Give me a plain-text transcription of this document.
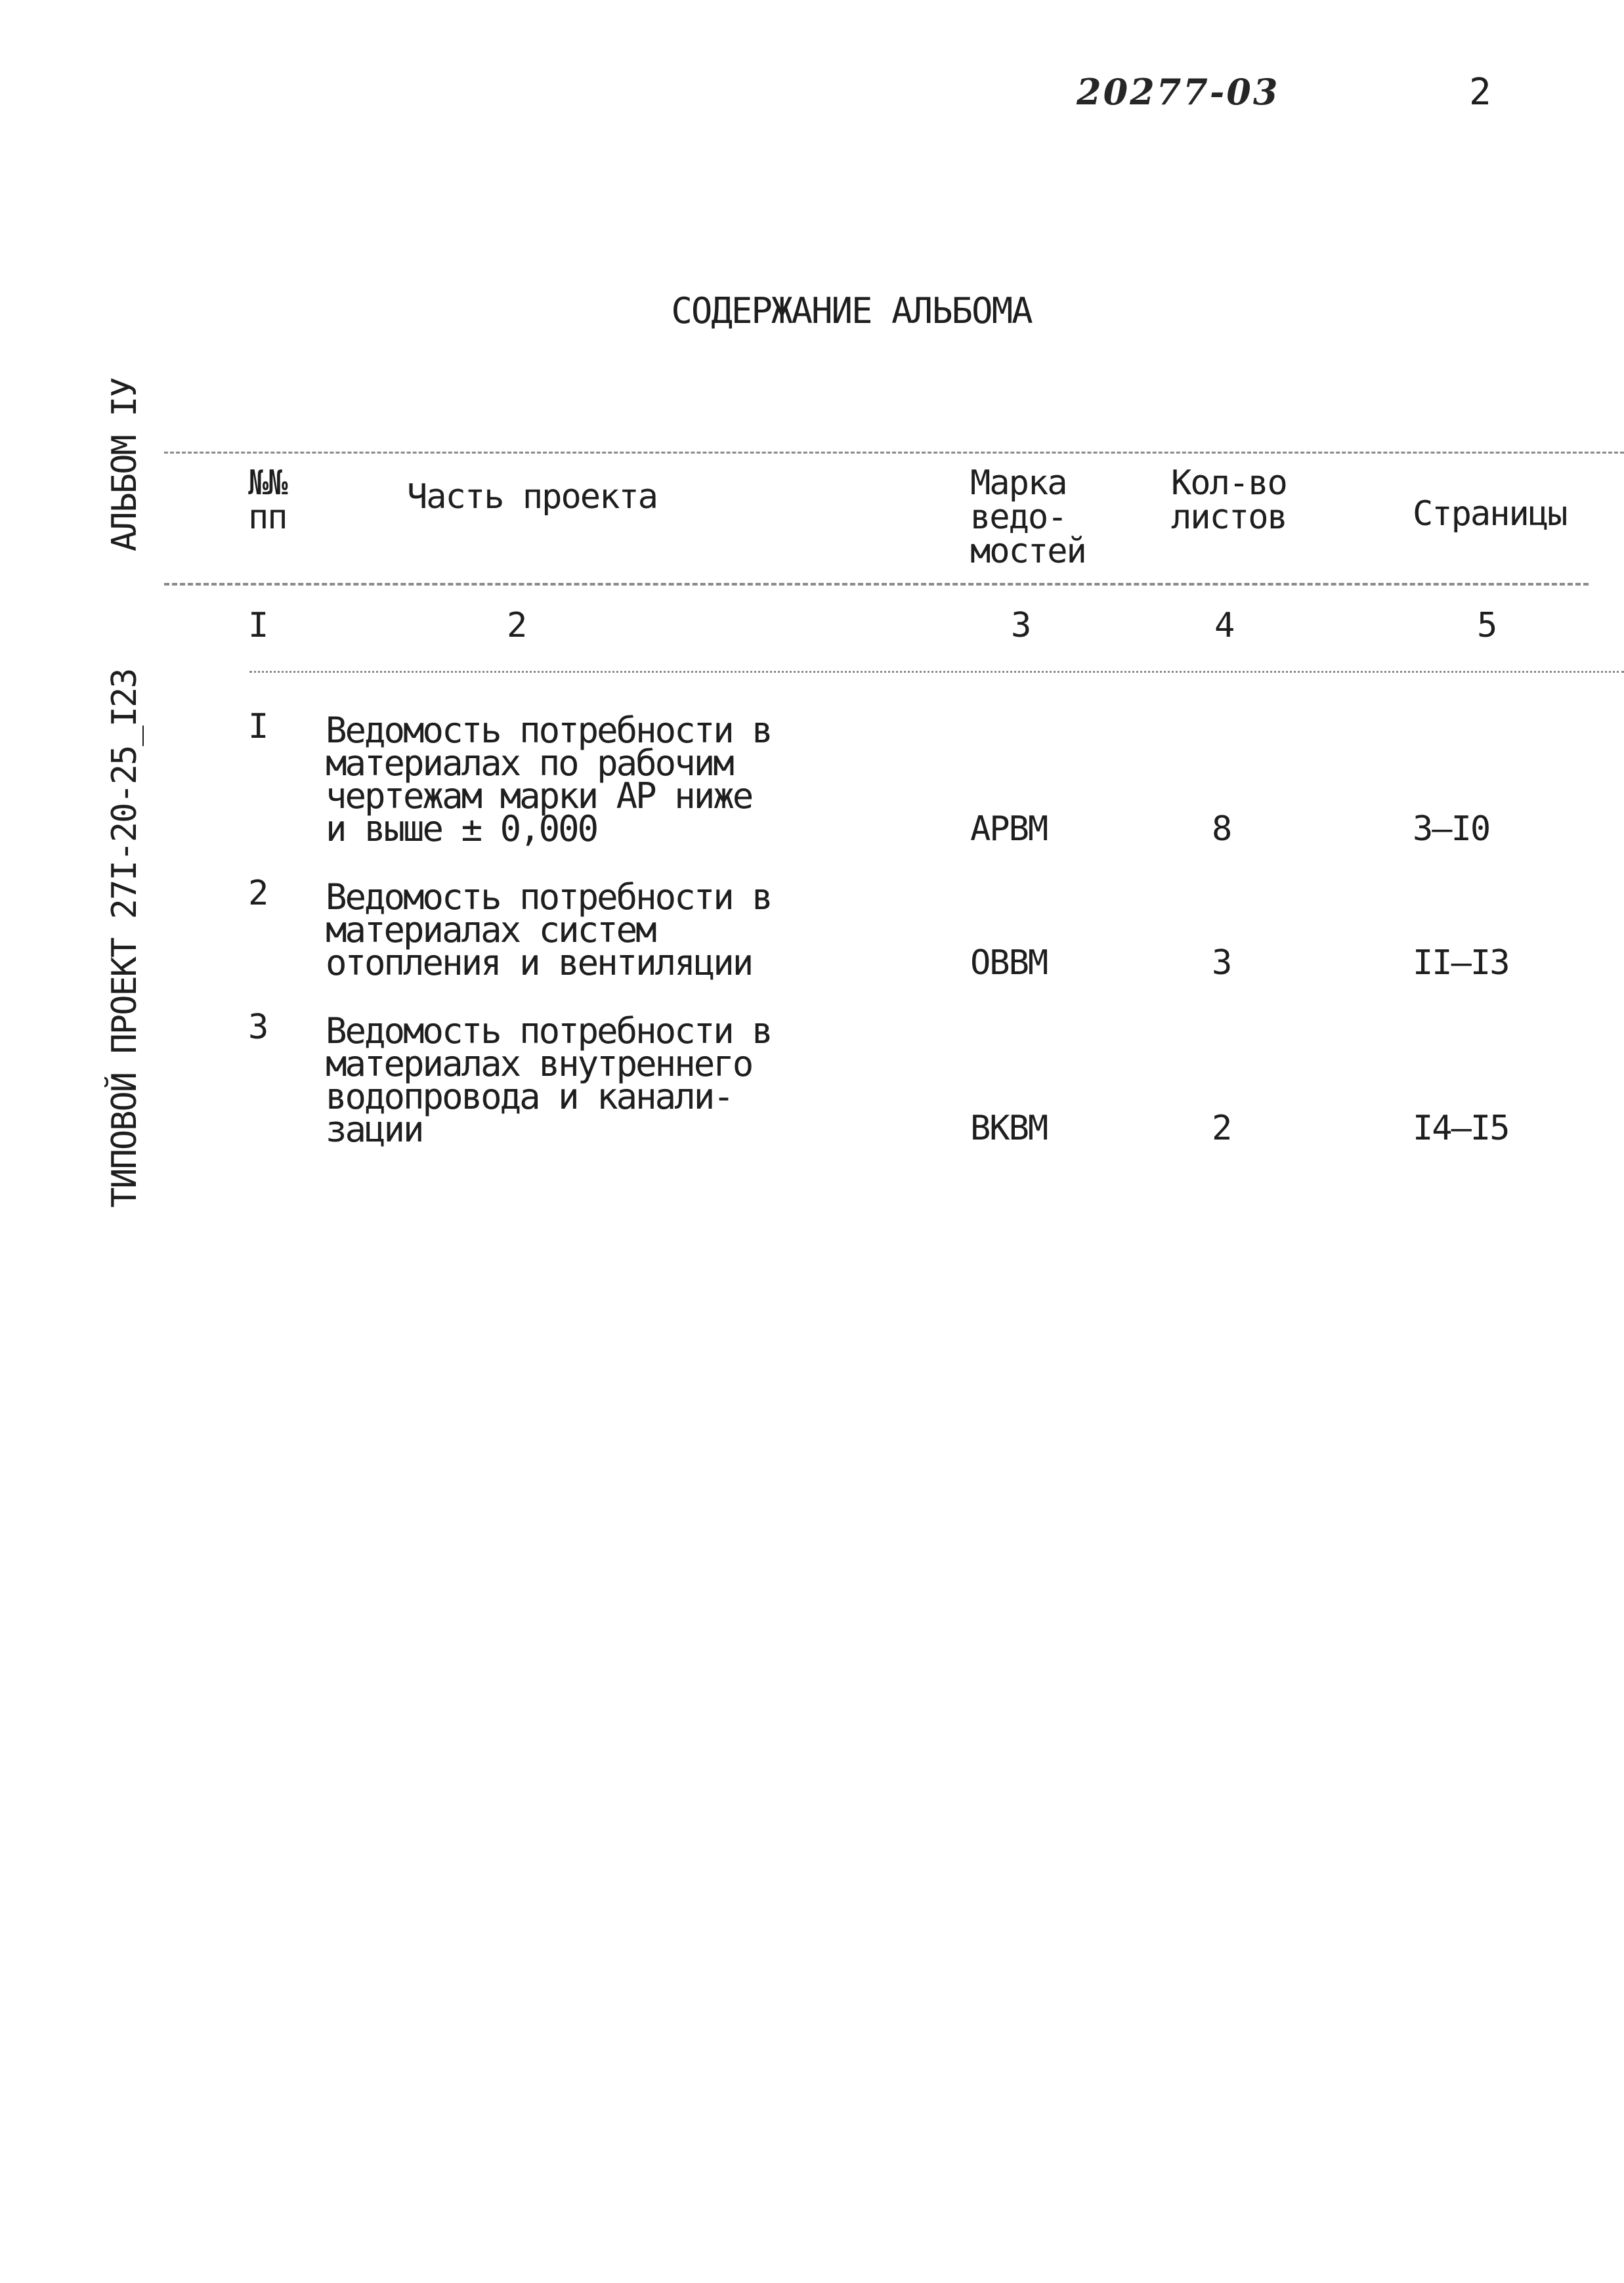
20277-03	2
АЛЬБОМ IУ
ТИПОВОЙ ПРОЕКТ 27I-20-25_I23
СОДЕРЖАНИЕ АЛЬБОМА
№№
пп
Часть проекта	Марка
ведо-
мостей
Кол-во
листов	Страницы
I	2	3	4	5
I Ведомость потребности в
материалах по рабочим
чертежам марки АР ниже
и выше ± 0,000	АРВМ	8	3–I0
2 Ведомость потребности в
материалах систем
отопления и вентиляции	ОВВМ	3	II–I3
3 Ведомость потребности в
материалах внутреннего
водопровода и канали-
зации	ВКВМ	2	I4–I5
